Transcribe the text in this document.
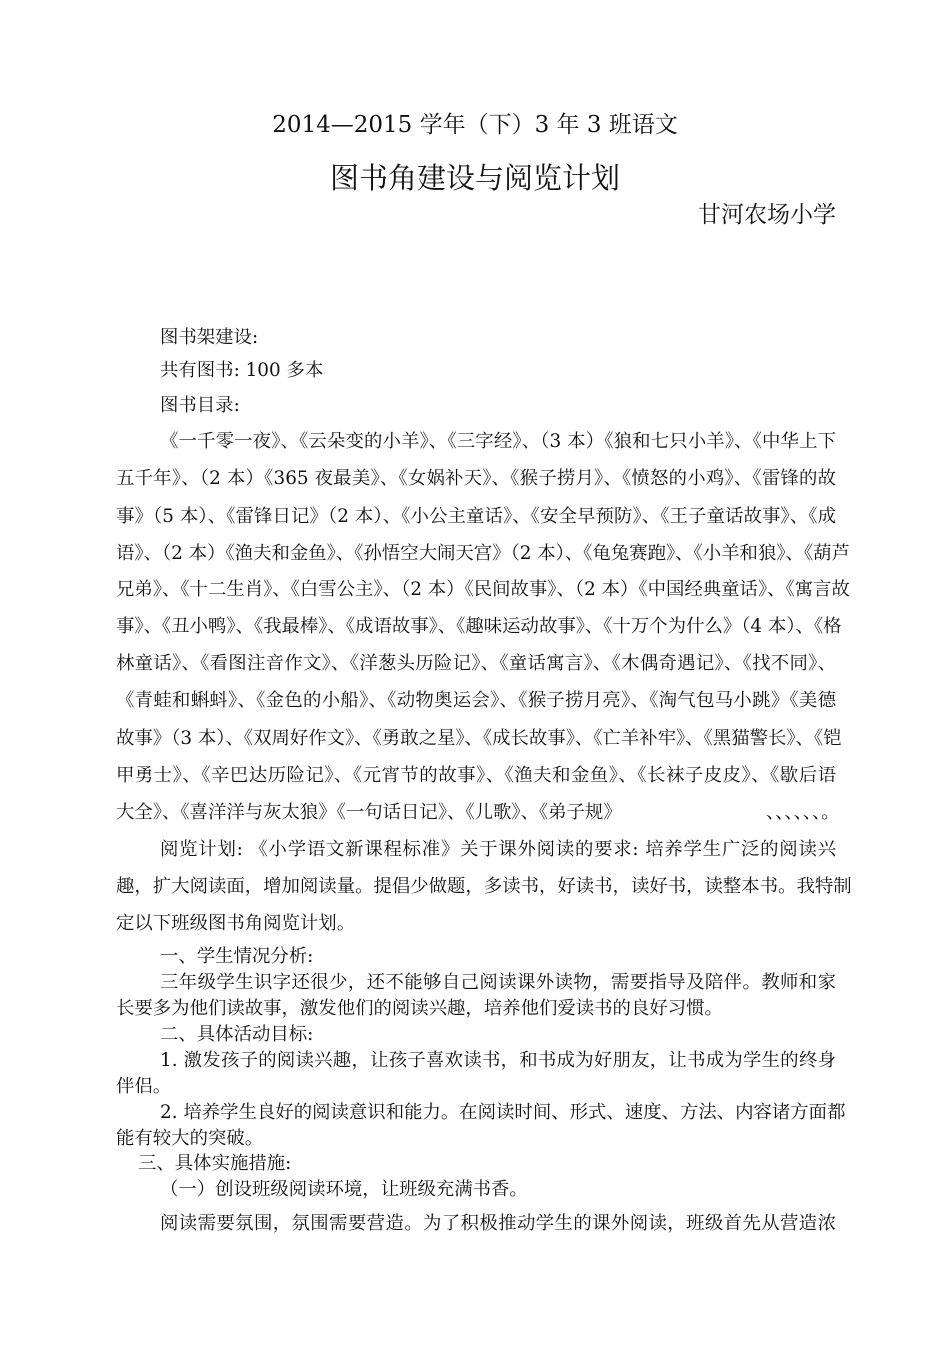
2014—2015 学年（下）3 年 3 班语文
图书角建设与阅览计划
甘河农场小学
图书架建设:
共有图书: 100 多本
图书目录:
《一千零一夜》、《云朵变的小羊》、《三字经》、（3 本）《狼和七只小羊》、《中华上下
五千年》、（2 本）《365 夜最美》、《女娲补天》、《猴子捞月》、《愤怒的小鸡》、《雷锋的故
事》（5 本）、《雷锋日记》（2 本）、《小公主童话》、《安全早预防》、《王子童话故事》、《成
语》、（2 本）《渔夫和金鱼》、《孙悟空大闹天宫》（2 本）、《龟兔赛跑》、《小羊和狼》、《葫芦
兄弟》、《十二生肖》、《白雪公主》、（2 本）《民间故事》、（2 本）《中国经典童话》、《寓言故
事》、《丑小鸭》、《我最棒》、《成语故事》、《趣味运动故事》、《十万个为什么》（4 本）、《格
林童话》、《看图注音作文》、《洋葱头历险记》、《童话寓言》、《木偶奇遇记》、《找不同》、
《青蛙和蝌蚪》、《金色的小船》、《动物奥运会》、《猴子捞月亮》、《淘气包马小跳》《美德
故事》（3 本）、《双周好作文》、《勇敢之星》、《成长故事》、《亡羊补牢》、《黑猫警长》、《铠
甲勇士》、《辛巴达历险记》、《元宵节的故事》、《渔夫和金鱼》、《长袜子皮皮》、《歇后语
大全》、《喜洋洋与灰太狼》《一句话日记》、《儿歌》、《弟子规》	、、、、、、。
阅览计划: 《小学语文新课程标准》关于课外阅读的要求: 培养学生广泛的阅读兴
趣，扩大阅读面，增加阅读量。提倡少做题，多读书，好读书，读好书，读整本书。我特制
定以下班级图书角阅览计划。
一、学生情况分析:
三年级学生识字还很少，还不能够自己阅读课外读物，需要指导及陪伴。教师和家
长要多为他们读故事，激发他们的阅读兴趣，培养他们爱读书的良好习惯。
二、具体活动目标:
1. 激发孩子的阅读兴趣，让孩子喜欢读书，和书成为好朋友，让书成为学生的终身
伴侣。
2. 培养学生良好的阅读意识和能力。在阅读时间、形式、速度、方法、内容诸方面都
能有较大的突破。
三、具体实施措施:
（一）创设班级阅读环境，让班级充满书香。
阅读需要氛围，氛围需要营造。为了积极推动学生的课外阅读，班级首先从营造浓
